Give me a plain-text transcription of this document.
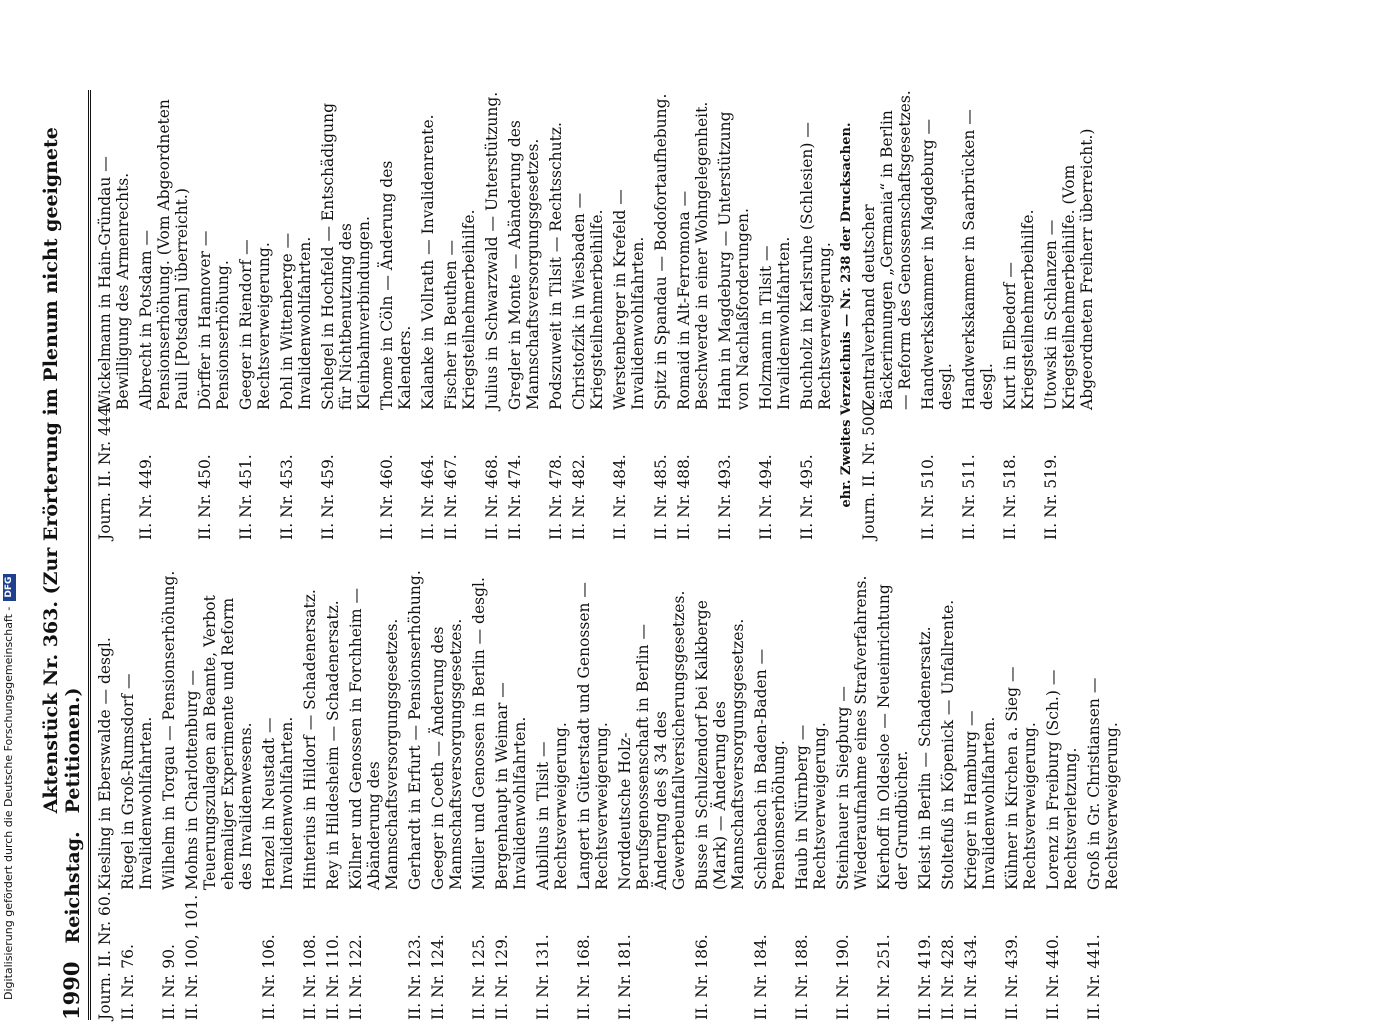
Digitalisierung gefördert durch die Deutsche Forschungsgemeinschaft -
DFG
1990
Reichstag.
Aktenstück Nr. 363. (Zur Erörterung im Plenum nicht geeignete Petitionen.)
Journ. II. Nr. 60.
Kiesling in Eberswalde — desgl.
II. Nr. 76.
Riegel in Groß-Rumsdorf — Invalidenwohlfahrten.
II. Nr. 90.
Wilhelm in Torgau — Pensionserhöhung.
II. Nr. 100, 101.
Mohns in Charlottenburg — Teuerungszulagen an Beamte, Verbot ehemaliger Experimente und Reform des Invalidenwesens.
II. Nr. 106.
Henzel in Neustadt — Invalidenwohlfahrten.
II. Nr. 108.
Hinterius in Hildorf — Schadenersatz.
II. Nr. 110.
Rey in Hildesheim — Schadenersatz.
II. Nr. 122.
Köllner und Genossen in Forchheim — Abänderung des Mannschaftsversorgungsgesetzes.
II. Nr. 123.
Gerhardt in Erfurt — Pensionserhöhung.
II. Nr. 124.
Geeger in Coeth — Änderung des Mannschaftsversorgungsgesetzes.
II. Nr. 125.
Müller und Genossen in Berlin — desgl.
II. Nr. 129.
Bergenhaupt in Weimar — Invalidenwohlfahrten.
II. Nr. 131.
Aubillus in Tilsit — Rechtsverweigerung.
II. Nr. 168.
Langert in Güterstadt und Genossen — Rechtsverweigerung.
II. Nr. 181.
Norddeutsche Holz-Berufsgenossenschaft in Berlin — Änderung des § 34 des Gewerbeunfallversicherungsgesetzes.
II. Nr. 186.
Busse in Schulzendorf bei Kalkberge (Mark) — Änderung des Mannschaftsversorgungsgesetzes.
II. Nr. 184.
Schlenbach in Baden-Baden — Pensionserhöhung.
II. Nr. 188.
Haub in Nürnberg — Rechtsverweigerung.
II. Nr. 190.
Steinhauer in Siegburg — Wiederaufnahme eines Strafverfahrens.
II. Nr. 251.
Kierhoff in Oldesloe — Neueinrichtung der Grundbücher.
II. Nr. 419.
Kleist in Berlin — Schadenersatz.
II. Nr. 428.
Stoltefuß in Köpenick — Unfallrente.
II. Nr. 434.
Krieger in Hamburg — Invalidenwohlfahrten.
II. Nr. 439.
Kühner in Kirchen a. Sieg — Rechtsverweigerung.
II. Nr. 440.
Lorenz in Freiburg (Sch.) — Rechtsverletzung.
II. Nr. 441.
Groß in Gr. Christiansen — Rechtsverweigerung.
Journ. II. Nr. 444.
Wickelmann in Hain-Gründau — Bewilligung des Armenrechts.
II. Nr. 449.
Albrecht in Potsdam — Pensionserhöhung. (Vom Abgeordneten Pauli [Potsdam] überreicht.)
II. Nr. 450.
Dörffer in Hannover — Pensionserhöhung.
II. Nr. 451.
Geeger in Riendorf — Rechtsverweigerung.
II. Nr. 453.
Pohl in Wittenberge — Invalidenwohlfahrten.
II. Nr. 459.
Schlegel in Hochfeld — Entschädigung für Nichtbenutzung des Kleinbahnverbindungen.
II. Nr. 460.
Thome in Cöln — Änderung des Kalenders.
II. Nr. 464.
Kalanke in Vollrath — Invalidenrente.
II. Nr. 467.
Fischer in Beuthen — Kriegsteilnehmerbeihilfe.
II. Nr. 468.
Julius in Schwarzwald — Unterstützung.
II. Nr. 474.
Gregler in Monte — Abänderung des Mannschaftsversorgungsgesetzes.
II. Nr. 478.
Podszuweit in Tilsit — Rechtsschutz.
II. Nr. 482.
Christofzik in Wiesbaden — Kriegsteilnehmerbeihilfe.
II. Nr. 484.
Werstenberger in Krefeld — Invalidenwohlfahrten.
II. Nr. 485.
Spitz in Spandau — Bodofortaufhebung.
II. Nr. 488.
Romaid in Alt-Ferromona — Beschwerde in einer Wohngelegenheit.
II. Nr. 493.
Hahn in Magdeburg — Unterstützung von Nachlaßforderungen.
II. Nr. 494.
Holzmann in Tilsit — Invalidenwohlfahrten.
II. Nr. 495.
Buchholz in Karlsruhe (Schlesien) — Rechtsverweigerung. ehr. Zweites Verzeichnis — Nr. 238 der Drucksachen. Journ. II. Nr. 500.
Zentralverband deutscher Bäckerinnungen „Germania“ in Berlin — Reform des Genossenschaftsgesetzes.
II. Nr. 510.
Handwerkskammer in Magdeburg — desgl.
II. Nr. 511.
Handwerkskammer in Saarbrücken — desgl.
II. Nr. 518.
Kurt in Elbedorf — Kriegsteilnehmerbeihilfe.
II. Nr. 519.
Utowski in Schlanzen — Kriegsteilnehmerbeihilfe. (Vom Abgeordneten Freiherr überreicht.)
